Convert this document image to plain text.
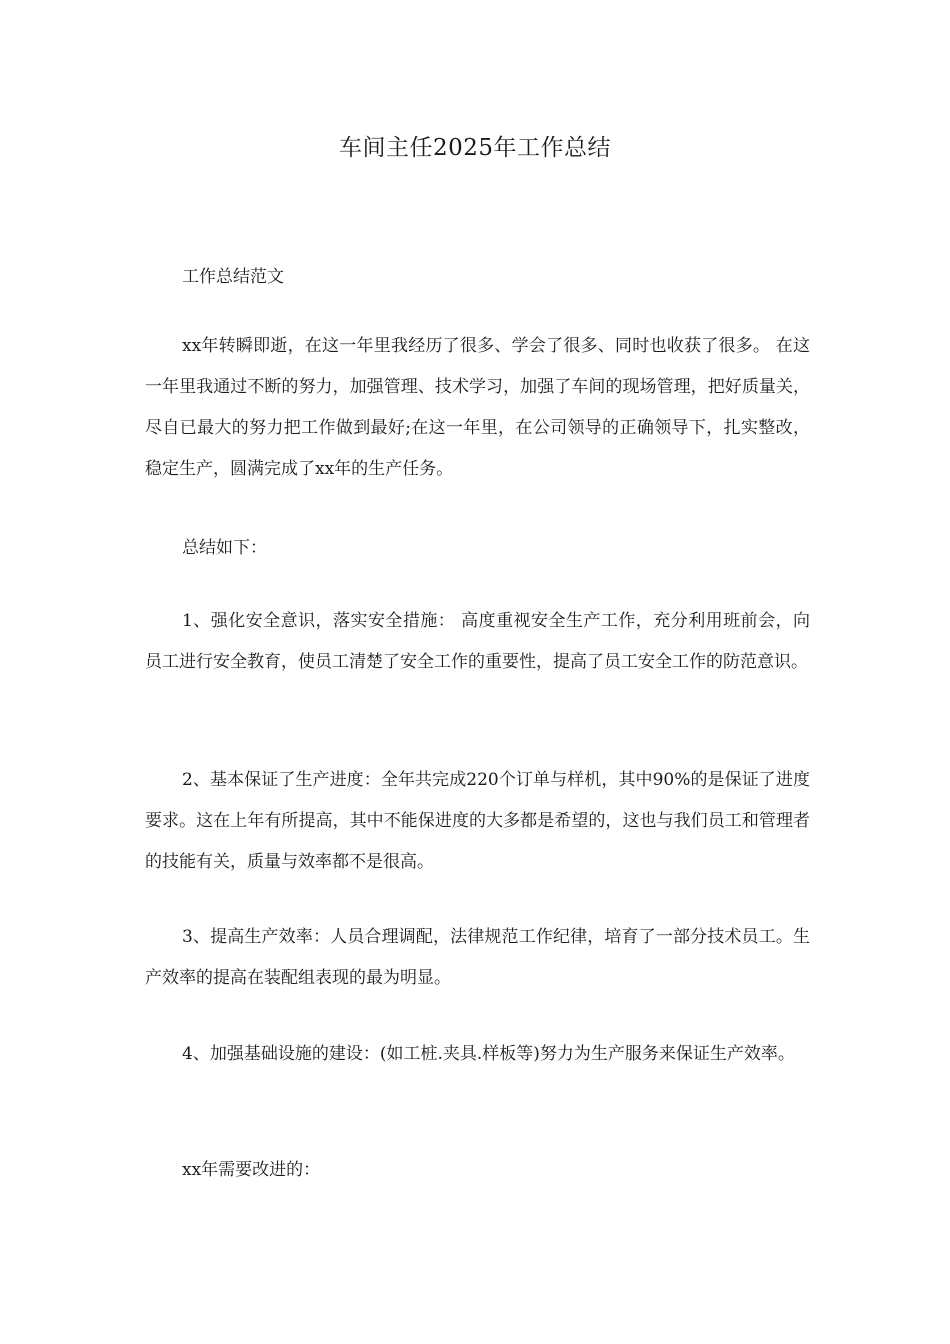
车间主任2025年工作总结

工作总结范文

xx年转瞬即逝，在这一年里我经历了很多、学会了很多、同时也收获了很多。 在这一年里我通过不断的努力，加强管理、技术学习，加强了车间的现场管理，把好质量关，尽自已最大的努力把工作做到最好;在这一年里，在公司领导的正确领导下，扎实整改，稳定生产，圆满完成了xx年的生产任务。

总结如下：

1、强化安全意识，落实安全措施： 高度重视安全生产工作，充分利用班前会，向员工进行安全教育，使员工清楚了安全工作的重要性，提高了员工安全工作的防范意识。

2、基本保证了生产进度：全年共完成220个订单与样机，其中90%的是保证了进度要求。这在上年有所提高，其中不能保进度的大多都是希望的，这也与我们员工和管理者的技能有关，质量与效率都不是很高。

3、提高生产效率：人员合理调配，法律规范工作纪律，培育了一部分技术员工。生产效率的提高在装配组表现的最为明显。

4、加强基础设施的建设：(如工桩.夹具.样板等)努力为生产服务来保证生产效率。

xx年需要改进的：
